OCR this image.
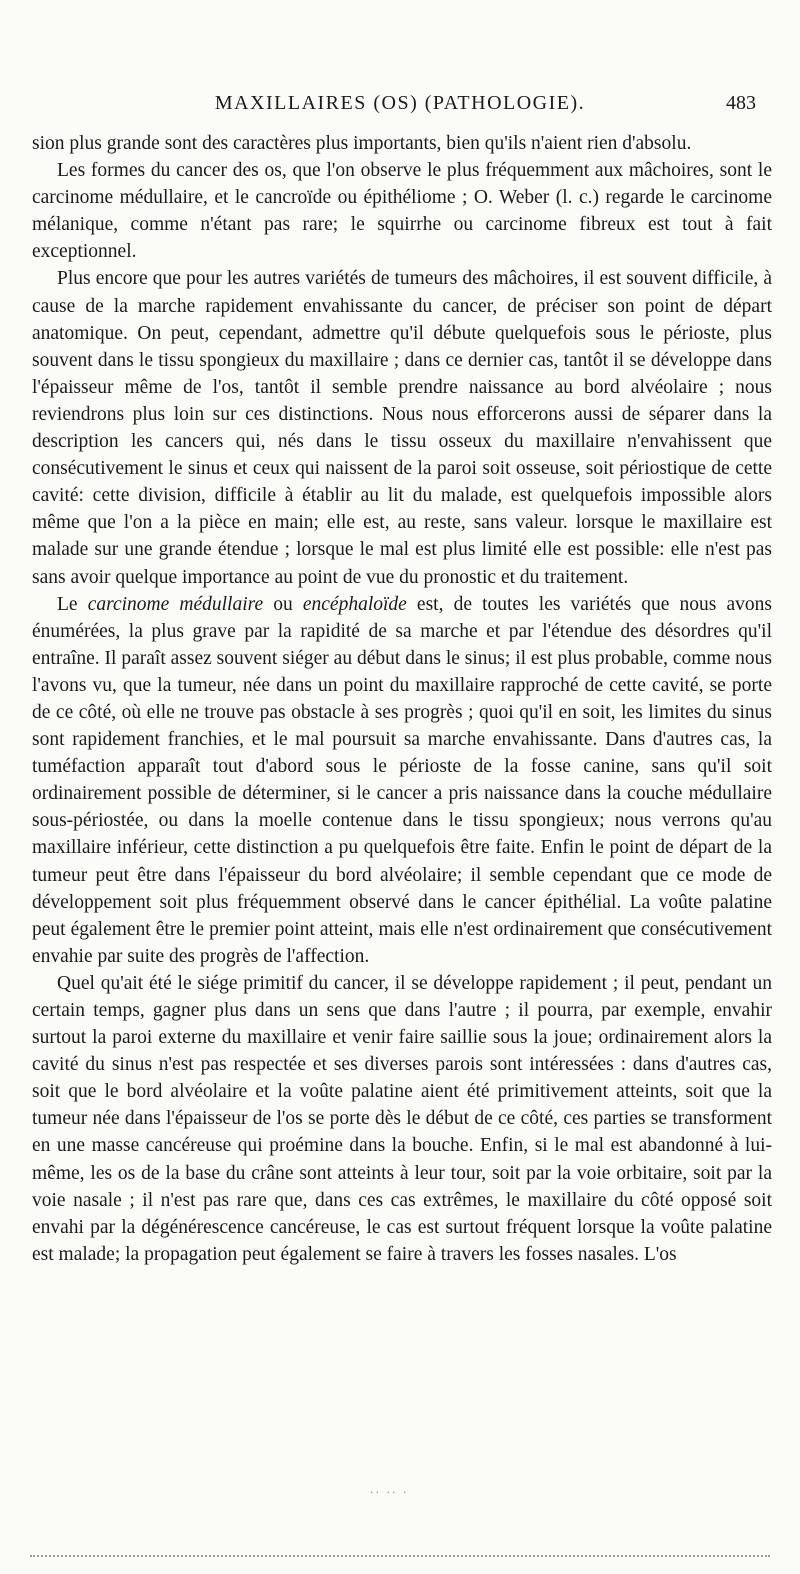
MAXILLAIRES (OS) (PATHOLOGIE).	483

sion plus grande sont des caractères plus importants, bien qu'ils n'aient rien d'absolu.

Les formes du cancer des os, que l'on observe le plus fréquemment aux mâchoires, sont le carcinome médullaire, et le cancroïde ou épithéliome ; O. Weber (l. c.) regarde le carcinome mélanique, comme n'étant pas rare; le squirrhe ou carcinome fibreux est tout à fait exceptionnel.

Plus encore que pour les autres variétés de tumeurs des mâchoires, il est souvent difficile, à cause de la marche rapidement envahissante du cancer, de préciser son point de départ anatomique. On peut, cependant, admettre qu'il débute quelquefois sous le périoste, plus souvent dans le tissu spongieux du maxillaire ; dans ce dernier cas, tantôt il se développe dans l'épaisseur même de l'os, tantôt il semble prendre naissance au bord alvéolaire ; nous reviendrons plus loin sur ces distinctions. Nous nous efforcerons aussi de séparer dans la description les cancers qui, nés dans le tissu osseux du maxillaire n'envahissent que consécutivement le sinus et ceux qui naissent de la paroi soit osseuse, soit périostique de cette cavité: cette division, difficile à établir au lit du malade, est quelquefois impossible alors même que l'on a la pièce en main; elle est, au reste, sans valeur. lorsque le maxillaire est malade sur une grande étendue ; lorsque le mal est plus limité elle est possible: elle n'est pas sans avoir quelque importance au point de vue du pronostic et du traitement.

Le carcinome médullaire ou encéphaloïde est, de toutes les variétés que nous avons énumérées, la plus grave par la rapidité de sa marche et par l'étendue des désordres qu'il entraîne. Il paraît assez souvent siéger au début dans le sinus; il est plus probable, comme nous l'avons vu, que la tumeur, née dans un point du maxillaire rapproché de cette cavité, se porte de ce côté, où elle ne trouve pas obstacle à ses progrès ; quoi qu'il en soit, les limites du sinus sont rapidement franchies, et le mal poursuit sa marche envahissante. Dans d'autres cas, la tuméfaction apparaît tout d'abord sous le périoste de la fosse canine, sans qu'il soit ordinairement possible de déterminer, si le cancer a pris naissance dans la couche médullaire sous-périostée, ou dans la moelle contenue dans le tissu spongieux; nous verrons qu'au maxillaire inférieur, cette distinction a pu quelquefois être faite. Enfin le point de départ de la tumeur peut être dans l'épaisseur du bord alvéolaire; il semble cependant que ce mode de développement soit plus fréquemment observé dans le cancer épithélial. La voûte palatine peut également être le premier point atteint, mais elle n'est ordinairement que consécutivement envahie par suite des progrès de l'affection.

Quel qu'ait été le siége primitif du cancer, il se développe rapidement ; il peut, pendant un certain temps, gagner plus dans un sens que dans l'autre ; il pourra, par exemple, envahir surtout la paroi externe du maxillaire et venir faire saillie sous la joue; ordinairement alors la cavité du sinus n'est pas respectée et ses diverses parois sont intéressées : dans d'autres cas, soit que le bord alvéolaire et la voûte palatine aient été primitivement atteints, soit que la tumeur née dans l'épaisseur de l'os se porte dès le début de ce côté, ces parties se transforment en une masse cancéreuse qui proémine dans la bouche. Enfin, si le mal est abandonné à lui-même, les os de la base du crâne sont atteints à leur tour, soit par la voie orbitaire, soit par la voie nasale ; il n'est pas rare que, dans ces cas extrêmes, le maxillaire du côté opposé soit envahi par la dégénérescence cancéreuse, le cas est surtout fréquent lorsque la voûte palatine est malade; la propagation peut également se faire à travers les fosses nasales. L'os

·· ·· ·
